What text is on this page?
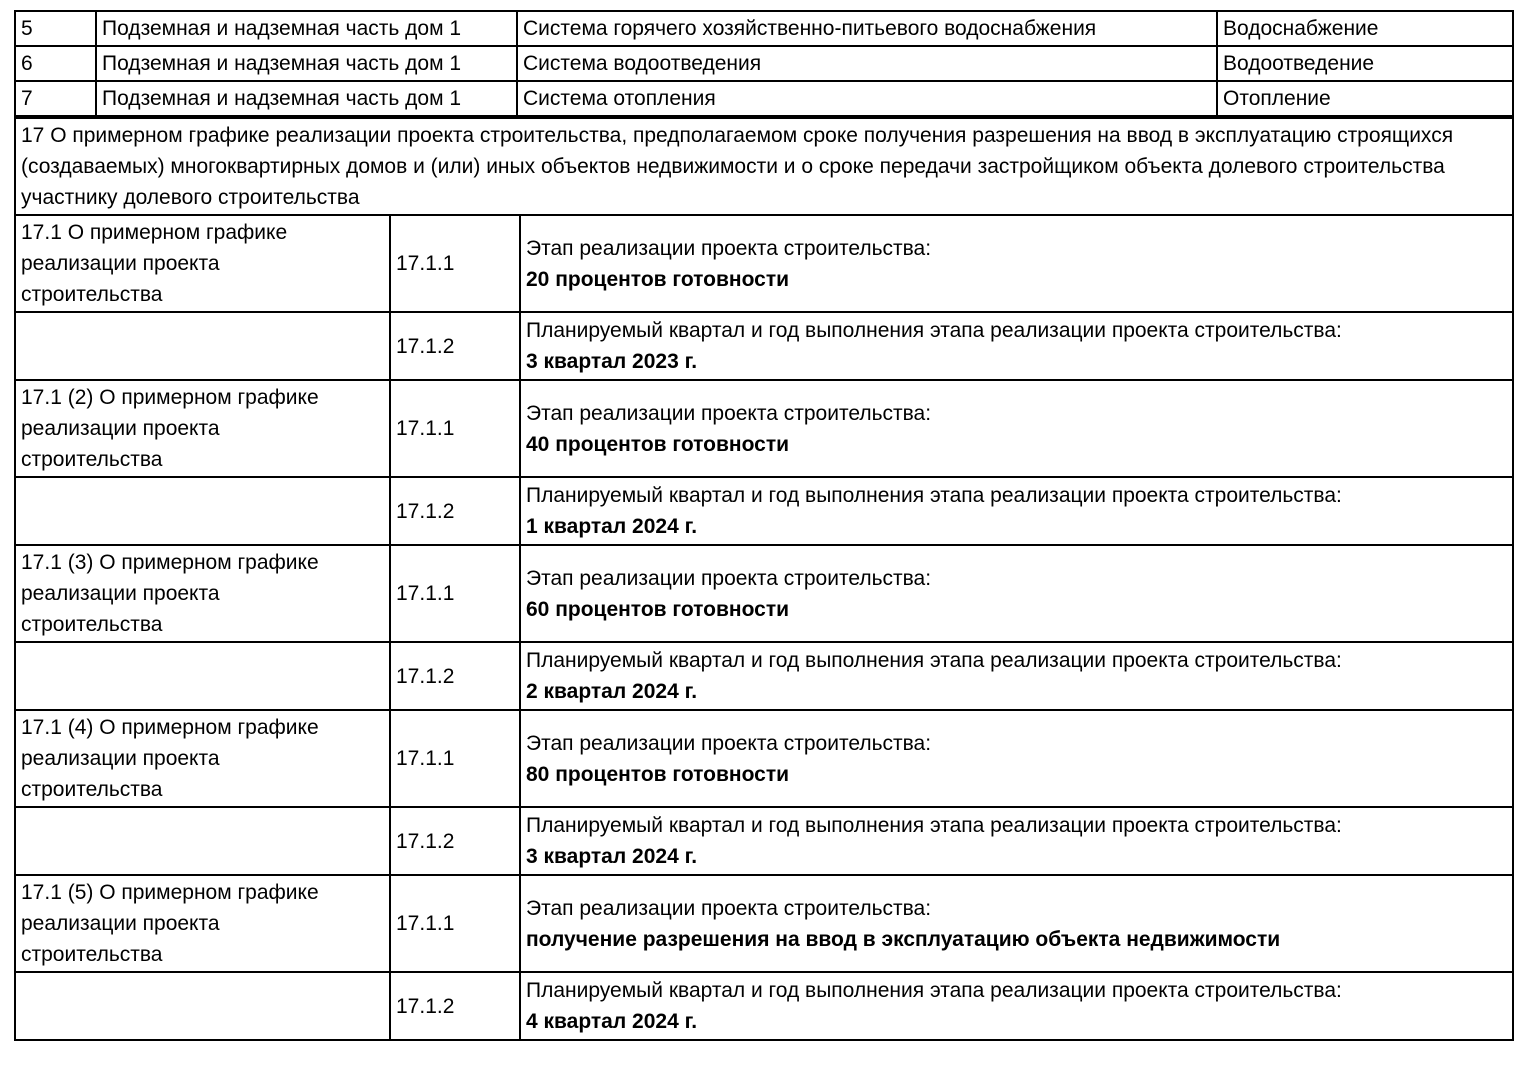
5	Подземная и надземная часть дом 1	Система горячего хозяйственно-питьевого водоснабжения	Водоснабжение
6	Подземная и надземная часть дом 1	Система водоотведения	Водоотведение
7	Подземная и надземная часть дом 1	Система отопления	Отопление
17 О примерном графике реализации проекта строительства, предполагаемом сроке получения разрешения на ввод в эксплуатацию строящихся (создаваемых) многоквартирных домов и (или) иных объектов недвижимости и о сроке передачи застройщиком объекта долевого строительства участнику долевого строительства		

17.1 О примерном графике реализации проекта строительства	17.1.1	Этап реализации проекта строительства:
20 процентов готовности

	17.1.2	Планируемый квартал и год выполнения этапа реализации проекта строительства:
3 квартал 2023 г.

17.1 (2) О примерном графике реализации проекта строительства	17.1.1	Этап реализации проекта строительства:
40 процентов готовности

	17.1.2	Планируемый квартал и год выполнения этапа реализации проекта строительства:
1 квартал 2024 г.

17.1 (3) О примерном графике реализации проекта строительства	17.1.1	Этап реализации проекта строительства:
60 процентов готовности

	17.1.2	Планируемый квартал и год выполнения этапа реализации проекта строительства:
2 квартал 2024 г.

17.1 (4) О примерном графике реализации проекта строительства	17.1.1	Этап реализации проекта строительства:
80 процентов готовности

	17.1.2	Планируемый квартал и год выполнения этапа реализации проекта строительства:
3 квартал 2024 г.

17.1 (5) О примерном графике реализации проекта строительства	17.1.1	Этап реализации проекта строительства:
получение разрешения на ввод в эксплуатацию объекта недвижимости

	17.1.2	Планируемый квартал и год выполнения этапа реализации проекта строительства:
4 квартал 2024 г.
